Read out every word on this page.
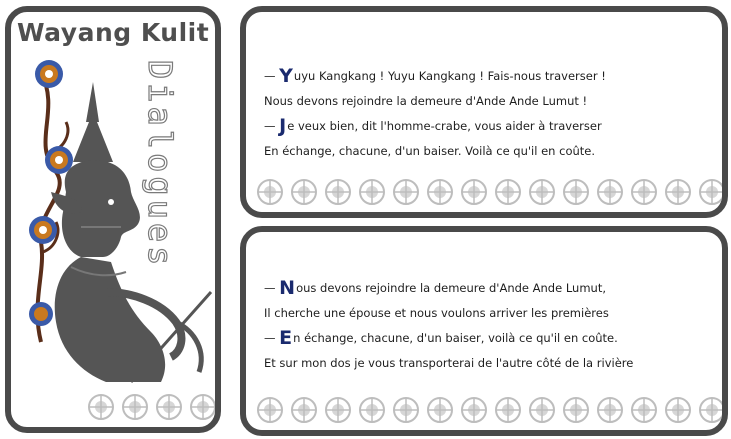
Wayang Kulit
Dialogues	— Yuyu Kangkang ! Yuyu Kangkang ! Fais-nous traverser !
Nous devons rejoindre la demeure d'Ande Ande Lumut !
— Je veux bien, dit l'homme-crabe, vous aider à traverser
En échange, chacune, d'un baiser. Voilà ce qu'il en coûte.
— Nous devons rejoindre la demeure d'Ande Ande Lumut,
Il cherche une épouse et nous voulons arriver les premières
— En échange, chacune, d'un baiser, voilà ce qu'il en coûte.
Et sur mon dos je vous transporterai de l'autre côté de la rivière
